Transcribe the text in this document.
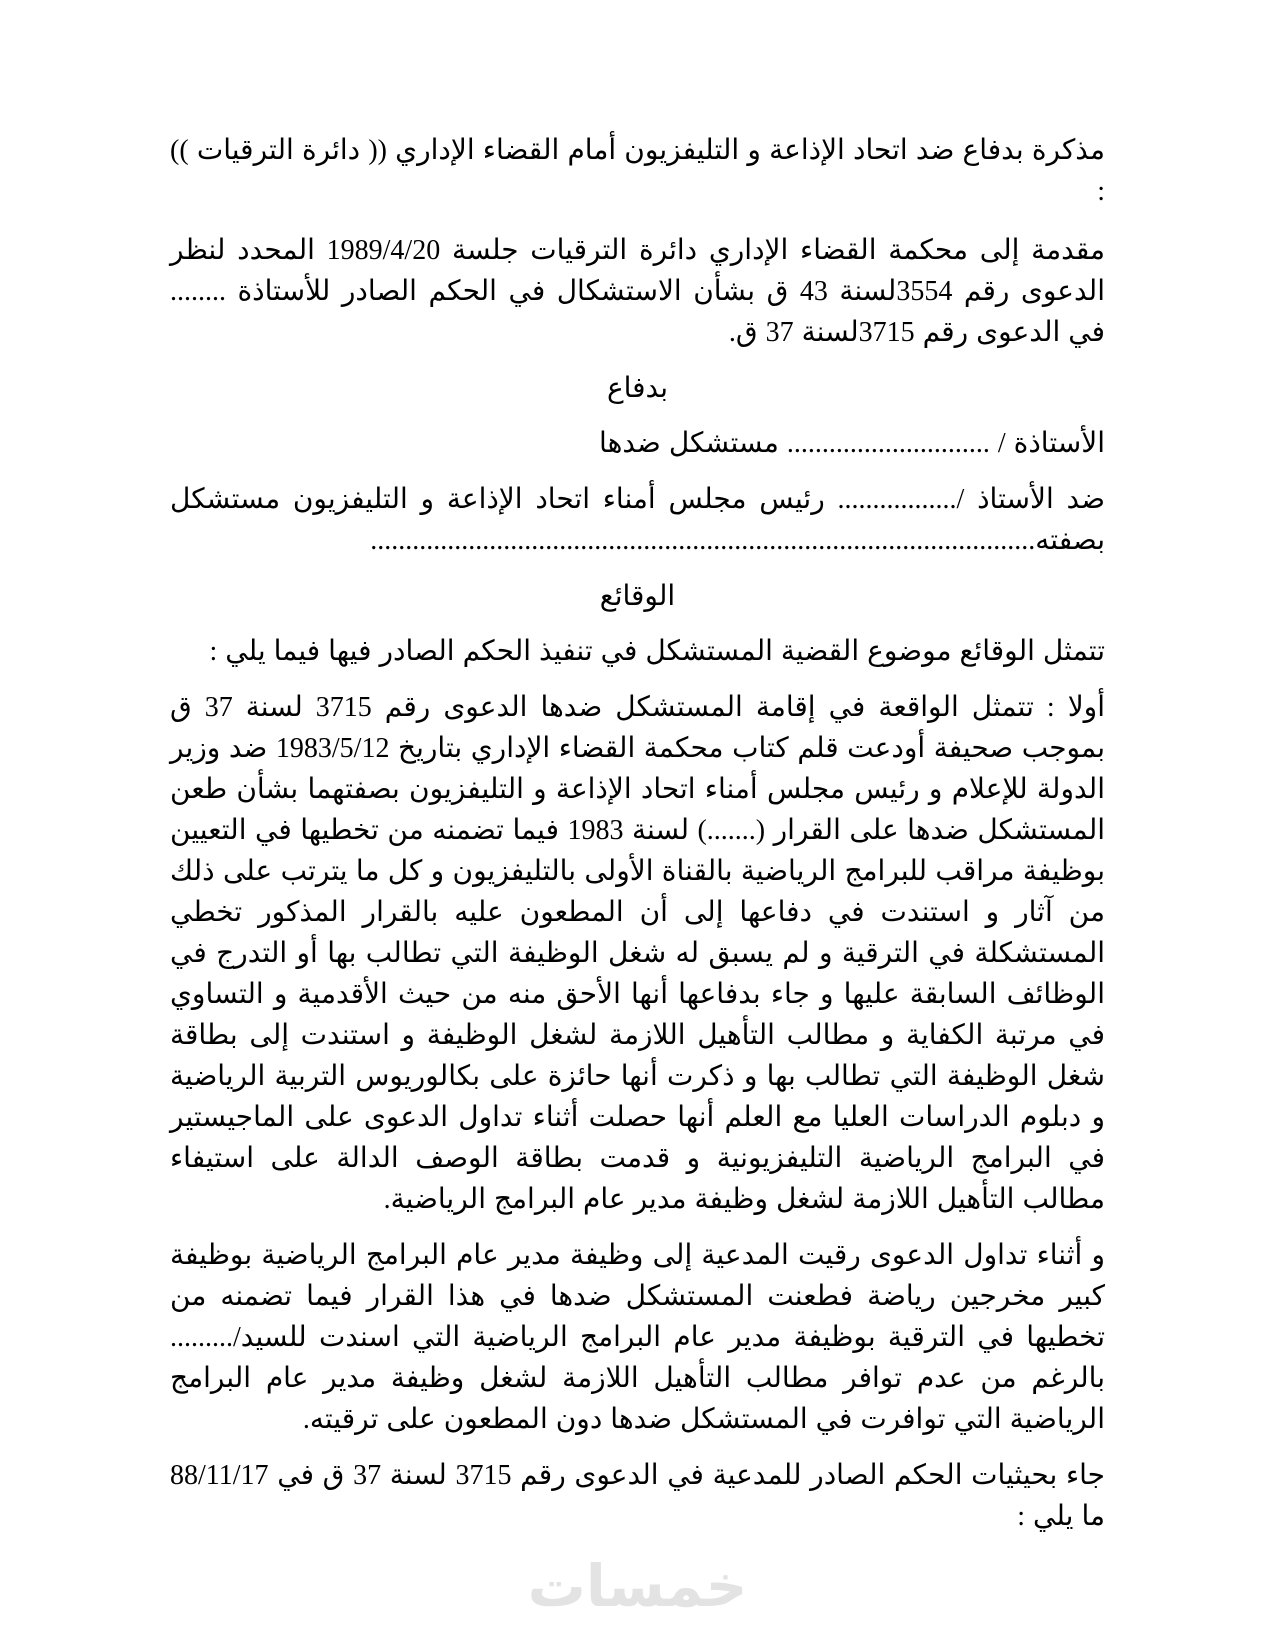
مذكرة بدفاع ضد اتحاد الإذاعة و التليفزيون أمام القضاء الإداري (( دائرة الترقيات )) :

مقدمة إلى محكمة القضاء الإداري دائرة الترقيات جلسة 1989/4/20 المحدد لنظر الدعوى رقم 3554لسنة 43 ق بشأن الاستشكال في الحكم الصادر للأستاذة ........ في الدعوى رقم 3715لسنة 37 ق.

بدفاع

الأستاذة / ............................. مستشكل ضدها

ضد الأستاذ /................. رئيس مجلس أمناء اتحاد الإذاعة و التليفزيون مستشكل بصفته...............................................................................................

الوقائع

تتمثل الوقائع موضوع القضية المستشكل في تنفيذ الحكم الصادر فيها فيما يلي :

أولا : تتمثل الواقعة في إقامة المستشكل ضدها الدعوى رقم 3715 لسنة 37 ق بموجب صحيفة أودعت قلم كتاب محكمة القضاء الإداري بتاريخ 1983/5/12 ضد وزير الدولة للإعلام و رئيس مجلس أمناء اتحاد الإذاعة و التليفزيون بصفتهما بشأن طعن المستشكل ضدها على القرار (.......) لسنة 1983 فيما تضمنه من تخطيها في التعيين بوظيفة مراقب للبرامج الرياضية بالقناة الأولى بالتليفزيون و كل ما يترتب على ذلك من آثار و استندت في دفاعها إلى أن المطعون عليه بالقرار المذكور تخطي المستشكلة في الترقية و لم يسبق له شغل الوظيفة التي تطالب بها أو التدرج في الوظائف السابقة عليها و جاء بدفاعها أنها الأحق منه من حيث الأقدمية و التساوي في مرتبة الكفاية و مطالب التأهيل اللازمة لشغل الوظيفة و استندت إلى بطاقة شغل الوظيفة التي تطالب بها و ذكرت أنها حائزة على بكالوريوس التربية الرياضية و دبلوم الدراسات العليا مع العلم أنها حصلت أثناء تداول الدعوى على الماجيستير في البرامج الرياضية التليفزيونية و قدمت بطاقة الوصف الدالة على استيفاء مطالب التأهيل اللازمة لشغل وظيفة مدير عام البرامج الرياضية.

و أثناء تداول الدعوى رقيت المدعية إلى وظيفة مدير عام البرامج الرياضية بوظيفة كبير مخرجين رياضة فطعنت المستشكل ضدها في هذا القرار فيما تضمنه من تخطيها في الترقية بوظيفة مدير عام البرامج الرياضية التي اسندت للسيد/......... بالرغم من عدم توافر مطالب التأهيل اللازمة لشغل وظيفة مدير عام البرامج الرياضية التي توافرت في المستشكل ضدها دون المطعون على ترقيته.

جاء بحيثيات الحكم الصادر للمدعية في الدعوى رقم 3715 لسنة 37 ق في 88/11/17 ما يلي :

خمسات
